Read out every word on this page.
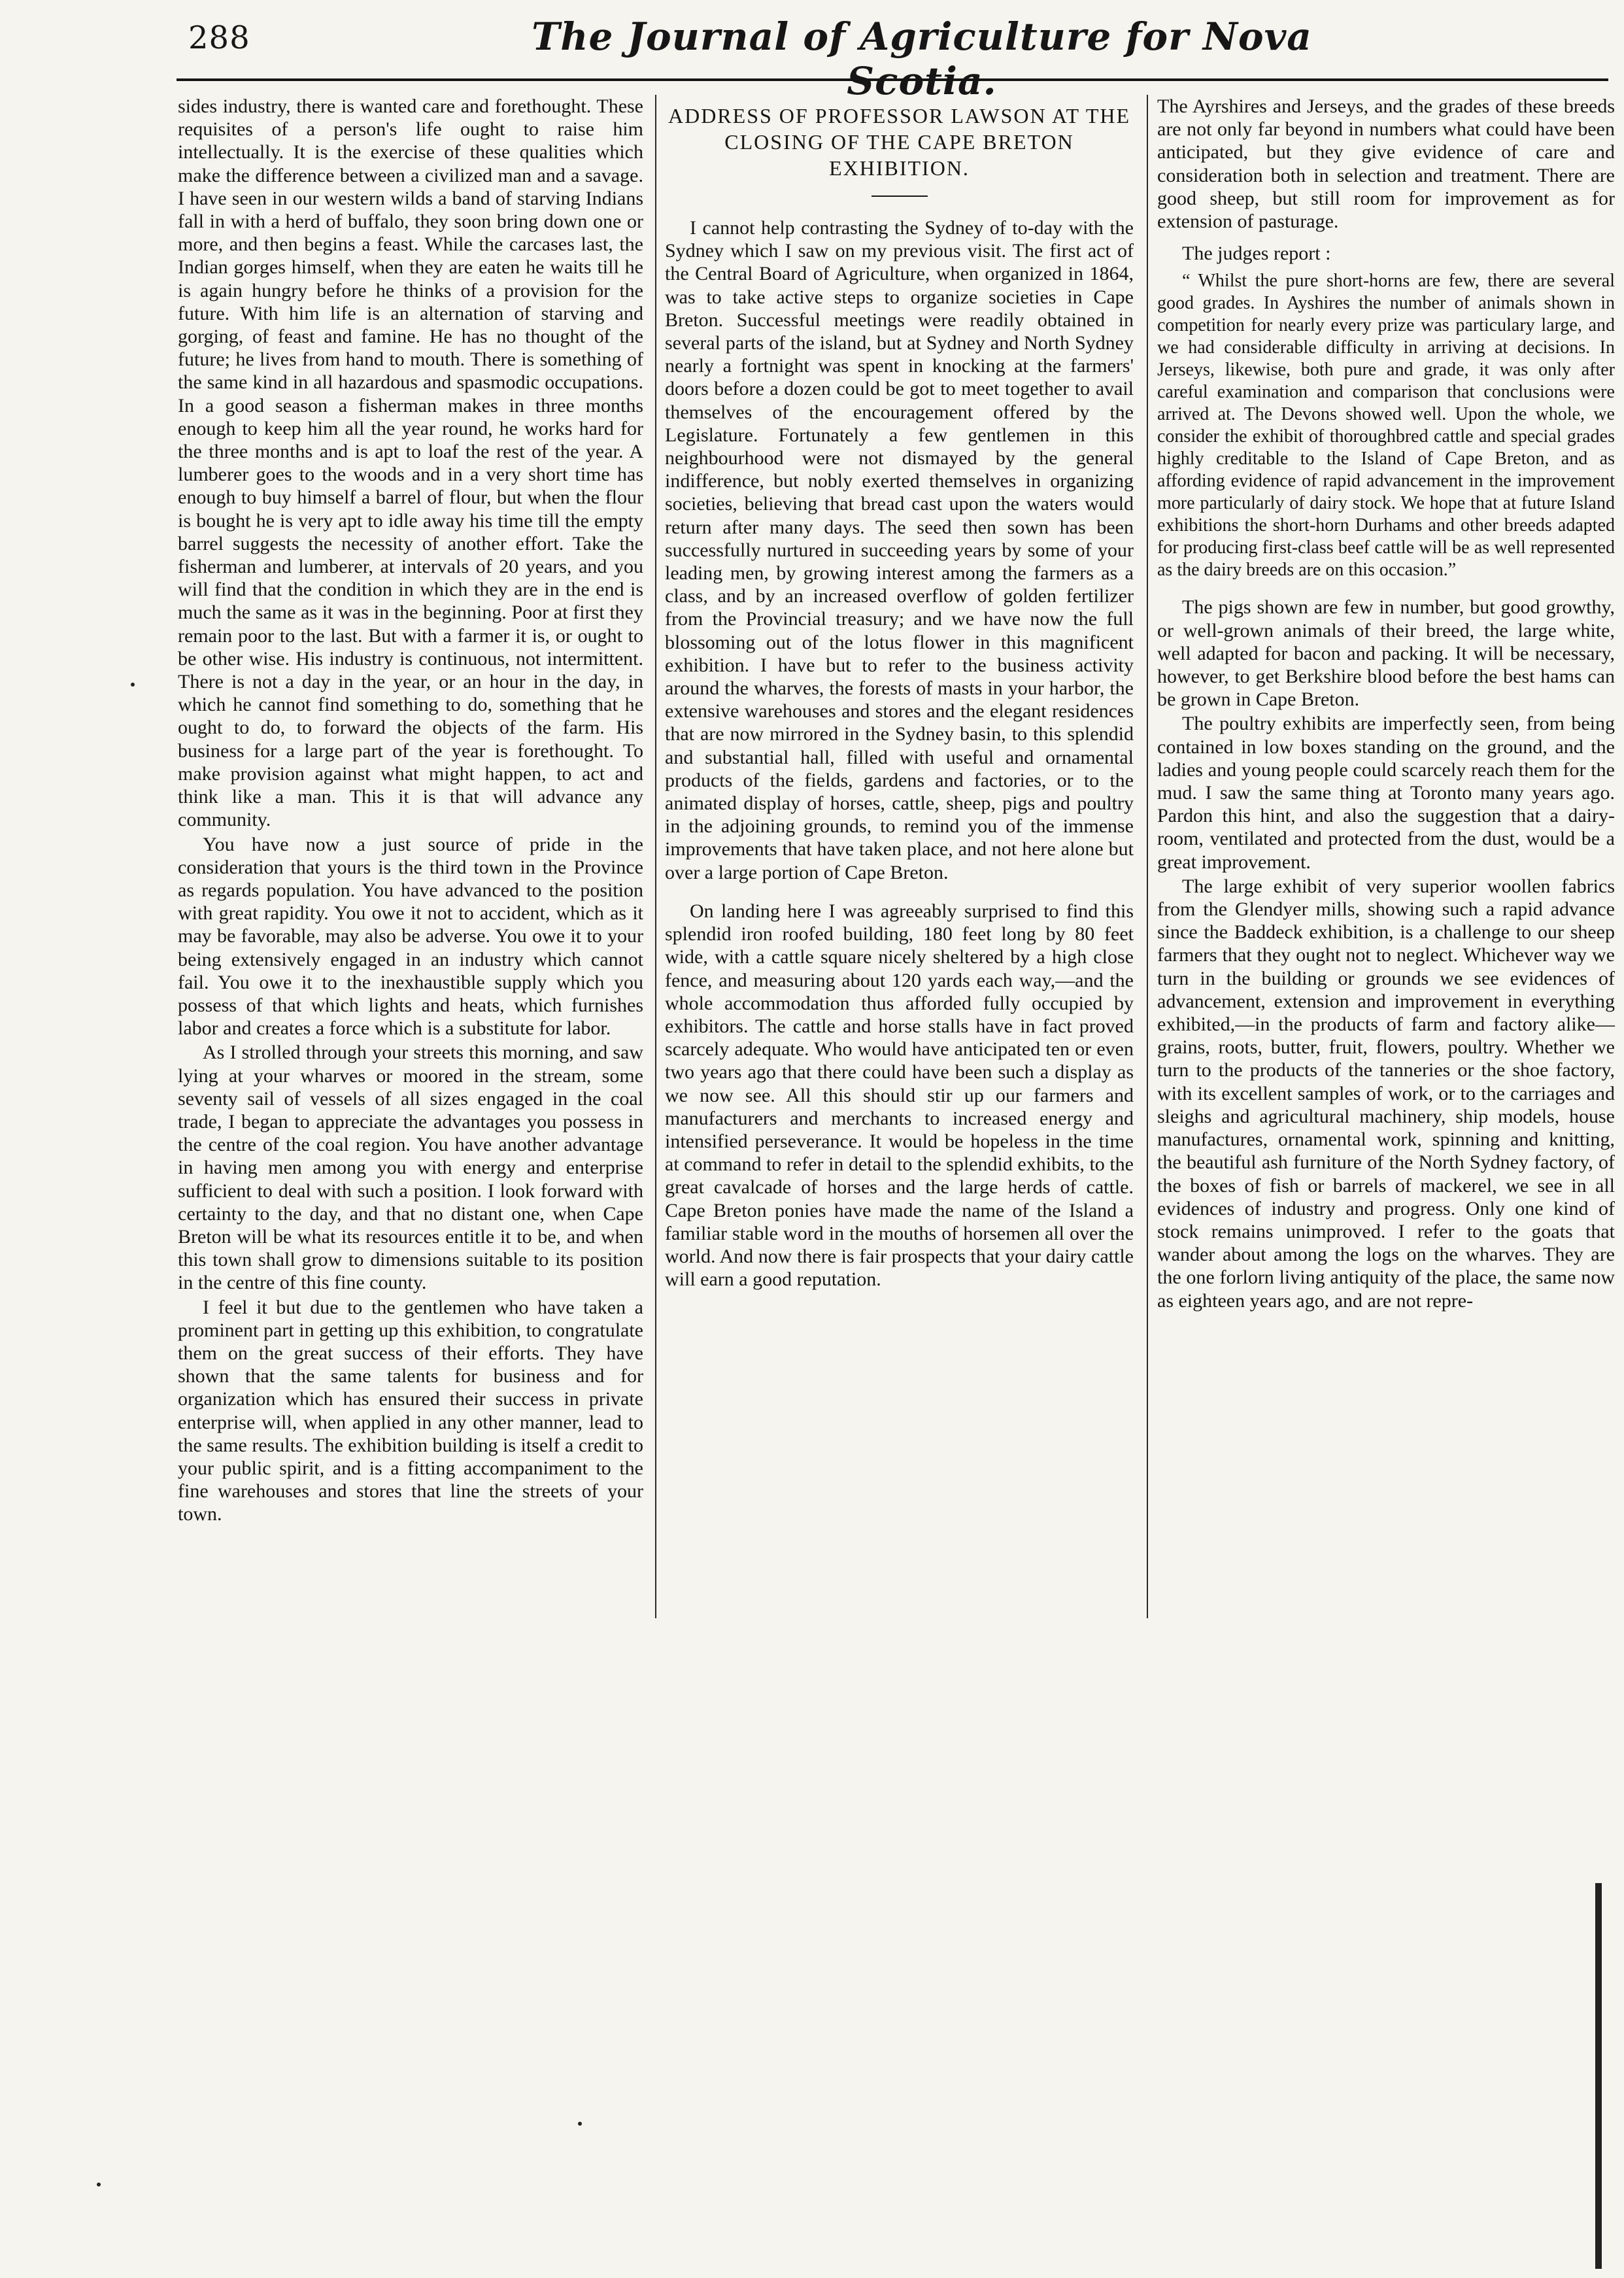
288	The Journal of Agriculture for Nova Scotia.

sides industry, there is wanted care and forethought. These requisites of a person's life ought to raise him intellectually. It is the exercise of these qualities which make the difference between a civilized man and a savage. I have seen in our western wilds a band of starving Indians fall in with a herd of buffalo, they soon bring down one or more, and then begins a feast. While the carcases last, the Indian gorges himself, when they are eaten he waits till he is again hungry before he thinks of a provision for the future. With him life is an alternation of starving and gorging, of feast and famine. He has no thought of the future; he lives from hand to mouth. There is something of the same kind in all hazardous and spasmodic occupations. In a good season a fisherman makes in three months enough to keep him all the year round, he works hard for the three months and is apt to loaf the rest of the year. A lumberer goes to the woods and in a very short time has enough to buy himself a barrel of flour, but when the flour is bought he is very apt to idle away his time till the empty barrel suggests the necessity of another effort. Take the fisherman and lumberer, at intervals of 20 years, and you will find that the condition in which they are in the end is much the same as it was in the beginning. Poor at first they remain poor to the last. But with a farmer it is, or ought to be other wise. His industry is continuous, not intermittent. There is not a day in the year, or an hour in the day, in which he cannot find something to do, something that he ought to do, to forward the objects of the farm. His business for a large part of the year is forethought. To make provision against what might happen, to act and think like a man. This it is that will advance any community.

You have now a just source of pride in the consideration that yours is the third town in the Province as regards population. You have advanced to the position with great rapidity. You owe it not to accident, which as it may be favorable, may also be adverse. You owe it to your being extensively engaged in an industry which cannot fail. You owe it to the inexhaustible supply which you possess of that which lights and heats, which furnishes labor and creates a force which is a substitute for labor.

As I strolled through your streets this morning, and saw lying at your wharves or moored in the stream, some seventy sail of vessels of all sizes engaged in the coal trade, I began to appreciate the advantages you possess in the centre of the coal region. You have another advantage in having men among you with energy and enterprise sufficient to deal with such a position. I look forward with certainty to the day, and that no distant one, when Cape Breton will be what its resources entitle it to be, and when this town shall grow to dimensions suitable to its position in the centre of this fine county.

I feel it but due to the gentlemen who have taken a prominent part in getting up this exhibition, to congratulate them on the great success of their efforts. They have shown that the same talents for business and for organization which has ensured their success in private enterprise will, when applied in any other manner, lead to the same results. The exhibition building is itself a credit to your public spirit, and is a fitting accompaniment to the fine warehouses and stores that line the streets of your town.

ADDRESS OF PROFESSOR LAWSON AT THE CLOSING OF THE CAPE BRETON EXHIBITION.

I cannot help contrasting the Sydney of to-day with the Sydney which I saw on my previous visit. The first act of the Central Board of Agriculture, when organized in 1864, was to take active steps to organize societies in Cape Breton. Successful meetings were readily obtained in several parts of the island, but at Sydney and North Sydney nearly a fortnight was spent in knocking at the farmers' doors before a dozen could be got to meet together to avail themselves of the encouragement offered by the Legislature. Fortunately a few gentlemen in this neighbourhood were not dismayed by the general indifference, but nobly exerted themselves in organizing societies, believing that bread cast upon the waters would return after many days. The seed then sown has been successfully nurtured in succeeding years by some of your leading men, by growing interest among the farmers as a class, and by an increased overflow of golden fertilizer from the Provincial treasury; and we have now the full blossoming out of the lotus flower in this magnificent exhibition. I have but to refer to the business activity around the wharves, the forests of masts in your harbor, the extensive warehouses and stores and the elegant residences that are now mirrored in the Sydney basin, to this splendid and substantial hall, filled with useful and ornamental products of the fields, gardens and factories, or to the animated display of horses, cattle, sheep, pigs and poultry in the adjoining grounds, to remind you of the immense improvements that have taken place, and not here alone but over a large portion of Cape Breton.

On landing here I was agreeably surprised to find this splendid iron roofed building, 180 feet long by 80 feet wide, with a cattle square nicely sheltered by a high close fence, and measuring about 120 yards each way,—and the whole accommodation thus afforded fully occupied by exhibitors. The cattle and horse stalls have in fact proved scarcely adequate. Who would have anticipated ten or even two years ago that there could have been such a display as we now see. All this should stir up our farmers and manufacturers and merchants to increased energy and intensified perseverance. It would be hopeless in the time at command to refer in detail to the splendid exhibits, to the great cavalcade of horses and the large herds of cattle. Cape Breton ponies have made the name of the Island a familiar stable word in the mouths of horsemen all over the world. And now there is fair prospects that your dairy cattle will earn a good reputation.

The Ayrshires and Jerseys, and the grades of these breeds are not only far beyond in numbers what could have been anticipated, but they give evidence of care and consideration both in selection and treatment. There are good sheep, but still room for improvement as for extension of pasturage.

The judges report :

“ Whilst the pure short-horns are few, there are several good grades. In Ayshires the number of animals shown in competition for nearly every prize was particulary large, and we had considerable difficulty in arriving at decisions. In Jerseys, likewise, both pure and grade, it was only after careful examination and comparison that conclusions were arrived at. The Devons showed well. Upon the whole, we consider the exhibit of thoroughbred cattle and special grades highly creditable to the Island of Cape Breton, and as affording evidence of rapid advancement in the improvement more particularly of dairy stock. We hope that at future Island exhibitions the short-horn Durhams and other breeds adapted for producing first-class beef cattle will be as well represented as the dairy breeds are on this occasion.”

The pigs shown are few in number, but good growthy, or well-grown animals of their breed, the large white, well adapted for bacon and packing. It will be necessary, however, to get Berkshire blood before the best hams can be grown in Cape Breton.

The poultry exhibits are imperfectly seen, from being contained in low boxes standing on the ground, and the ladies and young people could scarcely reach them for the mud. I saw the same thing at Toronto many years ago. Pardon this hint, and also the suggestion that a dairy-room, ventilated and protected from the dust, would be a great improvement.

The large exhibit of very superior woollen fabrics from the Glendyer mills, showing such a rapid advance since the Baddeck exhibition, is a challenge to our sheep farmers that they ought not to neglect. Whichever way we turn in the building or grounds we see evidences of advancement, extension and improvement in everything exhibited,—in the products of farm and factory alike—grains, roots, butter, fruit, flowers, poultry. Whether we turn to the products of the tanneries or the shoe factory, with its excellent samples of work, or to the carriages and sleighs and agricultural machinery, ship models, house manufactures, ornamental work, spinning and knitting, the beautiful ash furniture of the North Sydney factory, of the boxes of fish or barrels of mackerel, we see in all evidences of industry and progress. Only one kind of stock remains unimproved. I refer to the goats that wander about among the logs on the wharves. They are the one forlorn living antiquity of the place, the same now as eighteen years ago, and are not repre-
